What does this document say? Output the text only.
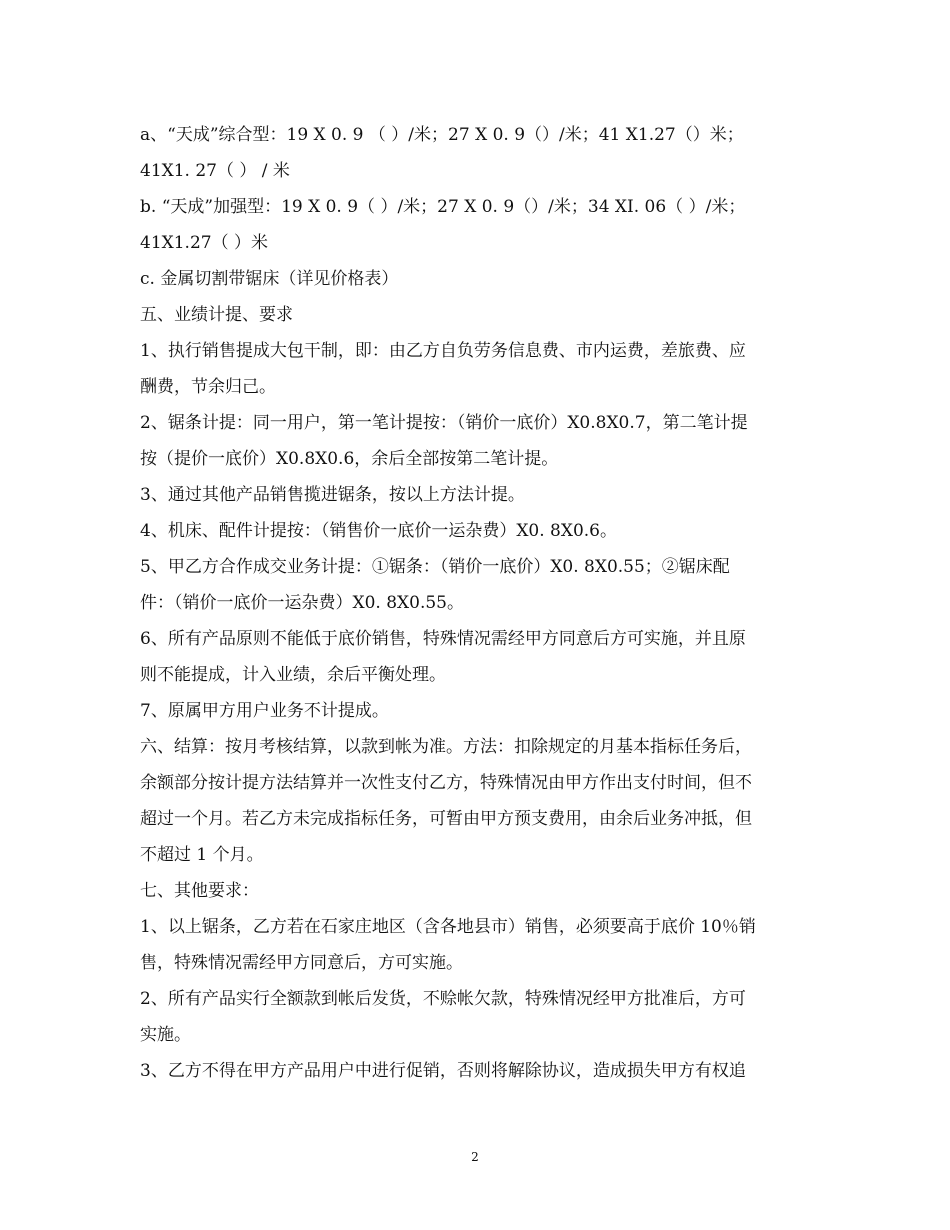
a、“天成”综合型：19 X 0. 9 （ ）/米；27 X 0. 9（）/米；41 X1.27（）米；
41X1. 27（ ） / 米
b. “天成”加强型：19 X 0. 9（ ）/米；27 X 0. 9（）/米；34 XI. 06（ ）/米；
41X1.27（ ）米
c. 金属切割带锯床（详见价格表）
五、业绩计提、要求
1、执行销售提成大包干制，即：由乙方自负劳务信息费、市内运费，差旅费、应
酬费，节余归己。
2、锯条计提：同一用户，第一笔计提按：（销价一底价）X0.8X0.7，第二笔计提
按（提价一底价）X0.8X0.6，余后全部按第二笔计提。
3、通过其他产品销售揽进锯条，按以上方法计提。
4、机床、配件计提按：（销售价一底价一运杂费）X0. 8X0.6。
5、甲乙方合作成交业务计提：①锯条：（销价一底价）X0. 8X0.55；②锯床配
件：（销价一底价一运杂费）X0. 8X0.55。
6、所有产品原则不能低于底价销售，特殊情况需经甲方同意后方可实施，并且原
则不能提成，计入业绩，余后平衡处理。
7、原属甲方用户业务不计提成。
六、结算：按月考核结算，以款到帐为准。方法：扣除规定的月基本指标任务后，
余额部分按计提方法结算并一次性支付乙方，特殊情况由甲方作出支付时间，但不
超过一个月。若乙方未完成指标任务，可暂由甲方预支费用，由余后业务冲抵，但
不超过 1 个月。
七、其他要求：
1、以上锯条，乙方若在石家庄地区（含各地县市）销售，必须要高于底价 10％销
售，特殊情况需经甲方同意后，方可实施。
2、所有产品实行全额款到帐后发货，不赊帐欠款，特殊情况经甲方批准后，方可
实施。
3、乙方不得在甲方产品用户中进行促销，否则将解除协议，造成损失甲方有权追
2
